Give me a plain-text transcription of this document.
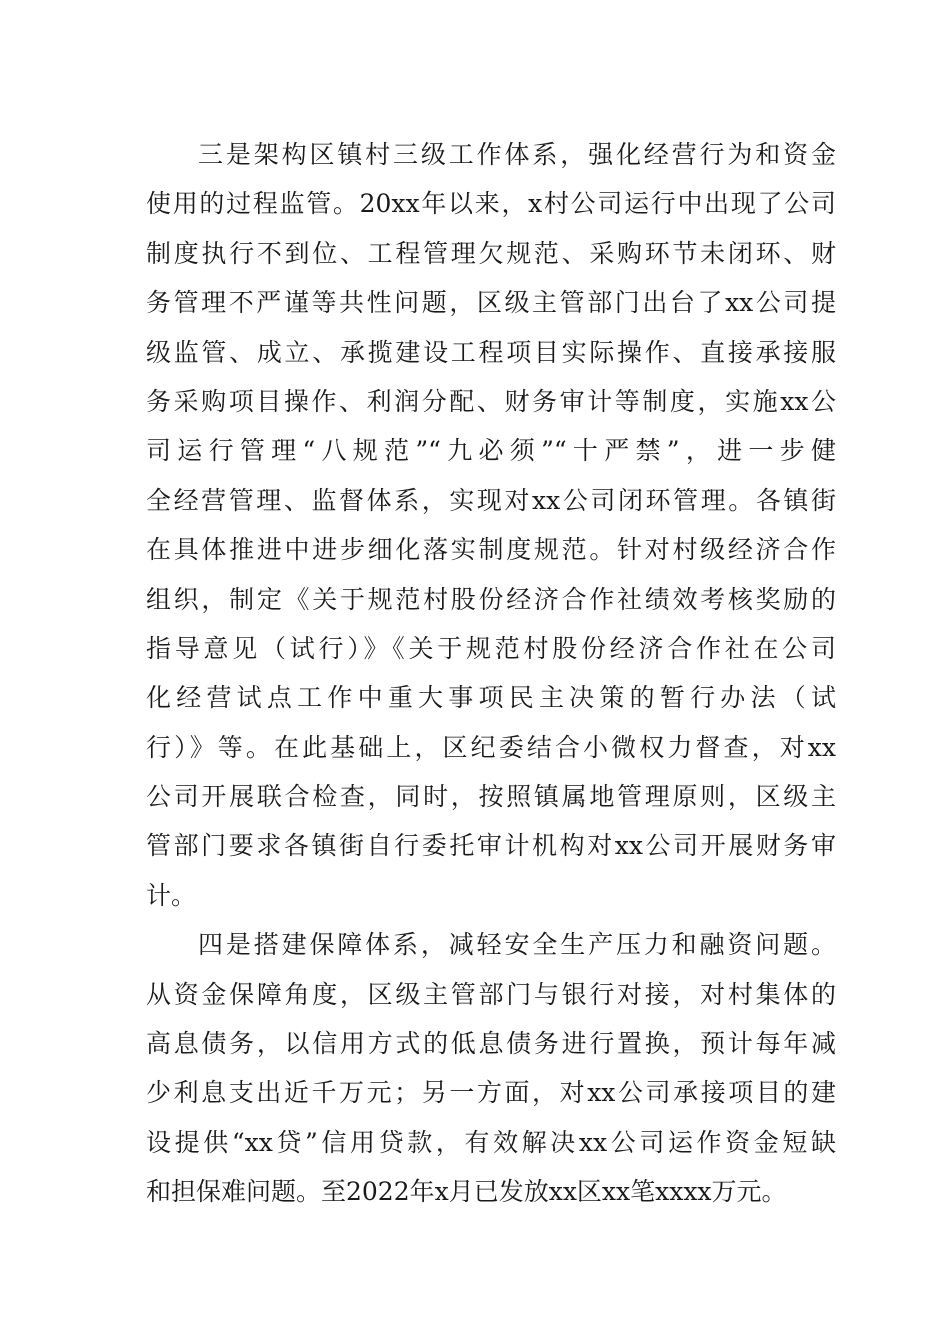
三是架构区镇村三级工作体系，强化经营行为和资金
使用的过程监管。20xx年以来，x村公司运行中出现了公司
制度执行不到位、工程管理欠规范、采购环节未闭环、财
务管理不严谨等共性问题，区级主管部门出台了xx公司提
级监管、成立、承揽建设工程项目实际操作、直接承接服
务采购项目操作、利润分配、财务审计等制度，实施xx公
司运行管理“八规范”“九必须”“十严禁”，进一步健
全经营管理、监督体系，实现对xx公司闭环管理。各镇街
在具体推进中进步细化落实制度规范。针对村级经济合作
组织，制定《关于规范村股份经济合作社绩效考核奖励的
指导意见（试行）》《关于规范村股份经济合作社在公司
化经营试点工作中重大事项民主决策的暂行办法（试
行）》等。在此基础上，区纪委结合小微权力督查，对xx
公司开展联合检查，同时，按照镇属地管理原则，区级主
管部门要求各镇街自行委托审计机构对xx公司开展财务审
计。
四是搭建保障体系，减轻安全生产压力和融资问题。
从资金保障角度，区级主管部门与银行对接，对村集体的
高息债务，以信用方式的低息债务进行置换，预计每年减
少利息支出近千万元；另一方面，对xx公司承接项目的建
设提供“xx贷”信用贷款，有效解决xx公司运作资金短缺
和担保难问题。至2022年x月已发放xx区xx笔xxxx万元。
